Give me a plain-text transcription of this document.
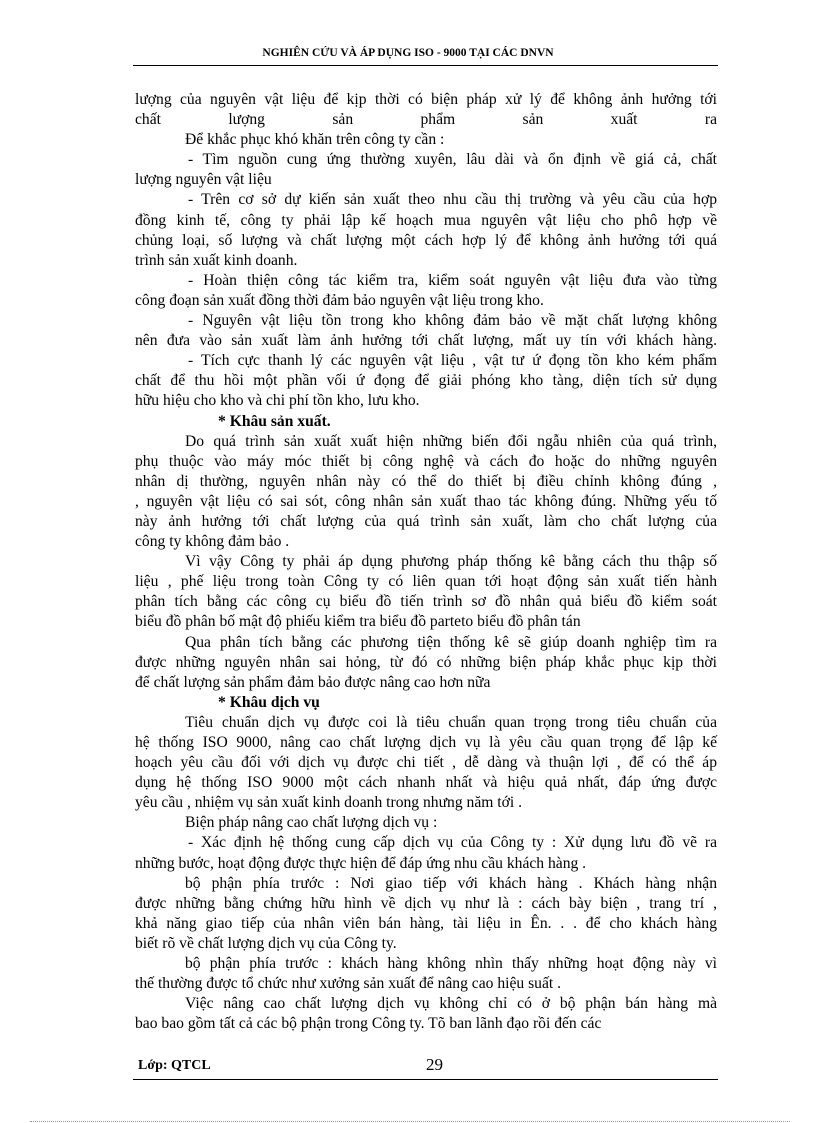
NGHIÊN CỨU VÀ ÁP DỤNG ISO - 9000 TẠI CÁC DNVN
lượng của nguyên vật liệu để kịp thời có biện pháp xử lý để không ảnh hưởng tới
chất lượng sản phẩm sản xuất ra
Để khắc phục khó khăn trên công ty cần :
- Tìm nguồn cung ứng thường xuyên, lâu dài và ổn định về giá cả, chất
lượng nguyên vật liệu
- Trên cơ sở dự kiến sản xuất theo nhu cầu thị trường và yêu cầu của hợp
đồng kinh tế, công ty phải lập kế hoạch mua nguyên vật liệu cho phô hợp về
chủng loại, số lượng và chất lượng một cách hợp lý để không ảnh hưởng tới quá
trình sản xuất kinh doanh.
- Hoàn thiện công tác kiểm tra, kiểm soát nguyên vật liệu đưa vào từng
công đoạn sản xuất đồng thời đảm bảo nguyên vật liệu trong kho.
- Nguyên vật liệu tồn trong kho không đảm bảo về mặt chất lượng không
nên đưa vào sản xuất làm ảnh hưởng tới chất lượng, mất uy tín với khách hàng.
- Tích cực thanh lý các nguyên vật liệu , vật tư ứ đọng tồn kho kém phẩm
chất để thu hồi một phần vối ứ đọng để giải phóng kho tàng, diện tích sử dụng
hữu hiệu cho kho và chi phí tồn kho, lưu kho.
* Khâu sản xuất.
Do quá trình sản xuất xuất hiện những biến đổi ngẫu nhiên của quá trình,
phụ thuộc vào máy móc thiết bị công nghệ và cách đo hoặc do những nguyên
nhân dị thường, nguyên nhân này có thể do thiết bị điều chỉnh không đúng ,
, nguyên vật liệu có sai sót, công nhân sản xuất thao tác không đúng. Những yếu tố
này ảnh hưởng tới chất lượng của quá trình sản xuất, làm cho chất lượng của
công ty không đảm bảo .
Vì vậy Công ty phải áp dụng phương pháp thống kê bằng cách thu thập số
liệu , phế liệu trong toàn Công ty có liên quan tới hoạt động sản xuất tiến hành
phân tích bằng các công cụ biểu đồ tiến trình sơ đồ nhân quả biểu đồ kiểm soát
biểu đồ phân bố mật độ phiếu kiểm tra biểu đồ parteto biểu đồ phân tán
Qua phân tích bằng các phương tiện thống kê sẽ giúp doanh nghiệp tìm ra
được những nguyên nhân sai hỏng, từ đó có những biện pháp khắc phục kịp thời
để chất lượng sản phẩm đảm bảo được nâng cao hơn nữa
* Khâu dịch vụ
Tiêu chuẩn dịch vụ được coi là tiêu chuẩn quan trọng trong tiêu chuẩn của
hệ thống ISO 9000, nâng cao chất lượng dịch vụ là yêu cầu quan trọng để lập kế
hoạch yêu cầu đối với dịch vụ được chi tiết , dễ dàng và thuận lợi , để có thể áp
dụng hệ thống ISO 9000 một cách nhanh nhất và hiệu quả nhất, đáp ứng được
yêu cầu , nhiệm vụ sản xuất kinh doanh trong nhưng năm tới .
Biện pháp nâng cao chất lượng dịch vụ :
- Xác định hệ thống cung cấp dịch vụ của Công ty : Xử dụng lưu đồ vẽ ra
những bước, hoạt động được thực hiện để đáp ứng nhu cầu khách hàng .
bộ phận phía trước : Nơi giao tiếp với khách hàng . Khách hàng nhận
được những bằng chứng hữu hình về dịch vụ như là : cách bày biện , trang trí ,
khả năng giao tiếp của nhân viên bán hàng, tài liệu in Ên. . . để cho khách hàng
biết rõ về chất lượng dịch vụ của Công ty.
bộ phận phía trước : khách hàng không nhìn thấy những hoạt động này vì
thế thường được tổ chức như xưởng sản xuất để nâng cao hiệu suất .
Việc nâng cao chất lượng dịch vụ không chỉ có ở bộ phận bán hàng mà
bao bao gồm tất cả các bộ phận trong Công ty. Tõ ban lãnh đạo rồi đến các
Lớp: QTCL	29
